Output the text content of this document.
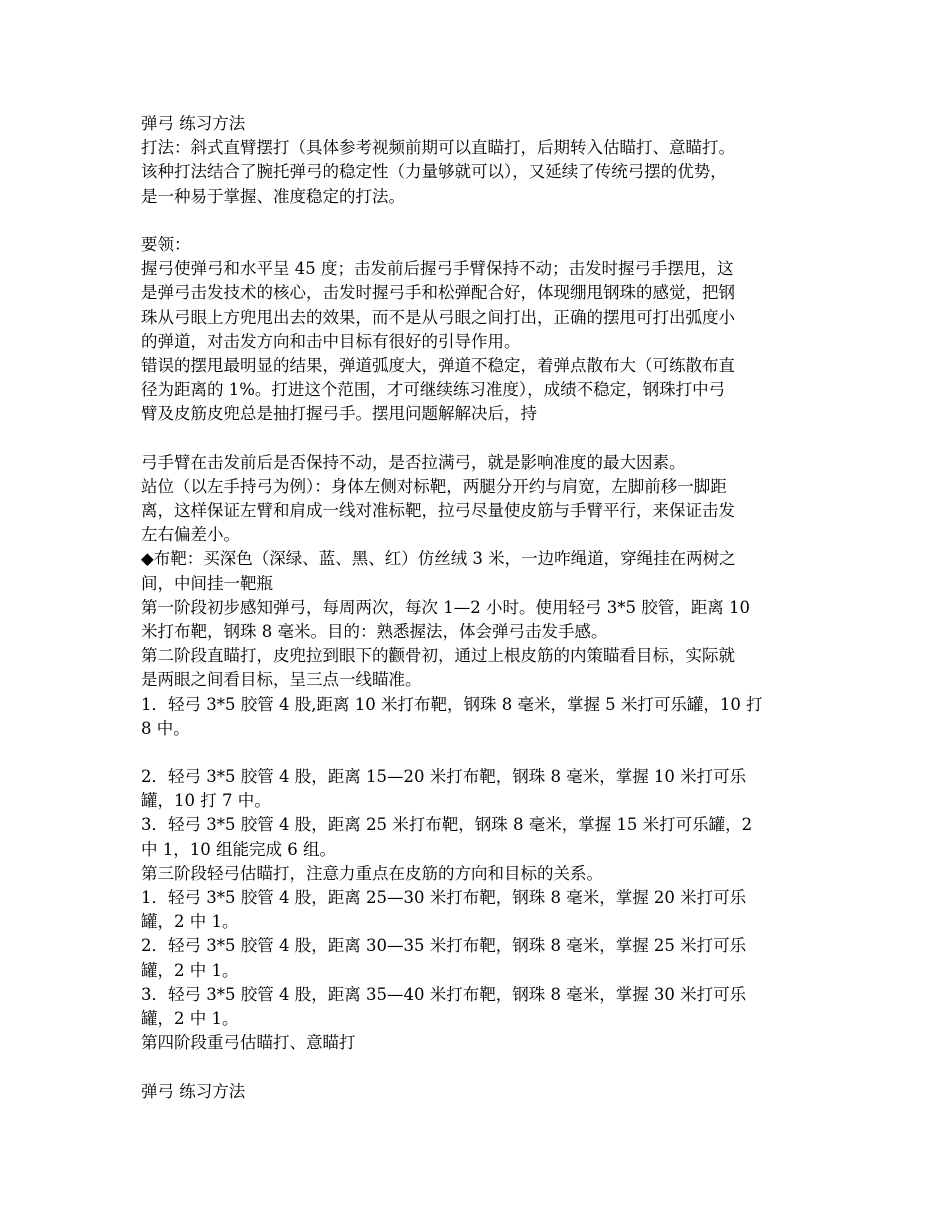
弹弓 练习方法
打法：斜式直臂摆打（具体参考视频前期可以直瞄打，后期转入估瞄打、意瞄打。
该种打法结合了腕托弹弓的稳定性（力量够就可以），又延续了传统弓摆的优势，
是一种易于掌握、准度稳定的打法。
要领：
握弓使弹弓和水平呈 45 度；击发前后握弓手臂保持不动；击发时握弓手摆甩，这
是弹弓击发技术的核心，击发时握弓手和松弹配合好，体现绷甩钢珠的感觉，把钢
珠从弓眼上方兜甩出去的效果，而不是从弓眼之间打出，正确的摆甩可打出弧度小
的弹道，对击发方向和击中目标有很好的引导作用。
错误的摆甩最明显的结果，弹道弧度大，弹道不稳定，着弹点散布大（可练散布直
径为距离的 1%。打进这个范围，才可继续练习准度），成绩不稳定，钢珠打中弓
臂及皮筋皮兜总是抽打握弓手。摆甩问题解解决后，持
弓手臂在击发前后是否保持不动，是否拉满弓，就是影响准度的最大因素。
站位（以左手持弓为例）：身体左侧对标靶，两腿分开约与肩宽，左脚前移一脚距
离，这样保证左臂和肩成一线对准标靶，拉弓尽量使皮筋与手臂平行，来保证击发
左右偏差小。
◆布靶：买深色（深绿、蓝、黑、红）仿丝绒 3 米，一边咋绳道，穿绳挂在两树之
间，中间挂一靶瓶
第一阶段初步感知弹弓，每周两次，每次 1—2 小时。使用轻弓 3*5 胶管，距离 10
米打布靶，钢珠 8 毫米。目的：熟悉握法，体会弹弓击发手感。
第二阶段直瞄打，皮兜拉到眼下的颧骨初，通过上根皮筋的内策瞄看目标，实际就
是两眼之间看目标，呈三点一线瞄准。
1．轻弓 3*5 胶管 4 股,距离 10 米打布靶，钢珠 8 毫米，掌握 5 米打可乐罐，10 打
8 中。
2．轻弓 3*5 胶管 4 股，距离 15—20 米打布靶，钢珠 8 毫米，掌握 10 米打可乐
罐，10 打 7 中。
3．轻弓 3*5 胶管 4 股，距离 25 米打布靶，钢珠 8 毫米，掌握 15 米打可乐罐，2
中 1，10 组能完成 6 组。
第三阶段轻弓估瞄打，注意力重点在皮筋的方向和目标的关系。
1．轻弓 3*5 胶管 4 股，距离 25—30 米打布靶，钢珠 8 毫米，掌握 20 米打可乐
罐，2 中 1。
2．轻弓 3*5 胶管 4 股，距离 30—35 米打布靶，钢珠 8 毫米，掌握 25 米打可乐
罐，2 中 1。
3．轻弓 3*5 胶管 4 股，距离 35—40 米打布靶，钢珠 8 毫米，掌握 30 米打可乐
罐，2 中 1。
第四阶段重弓估瞄打、意瞄打
弹弓 练习方法
